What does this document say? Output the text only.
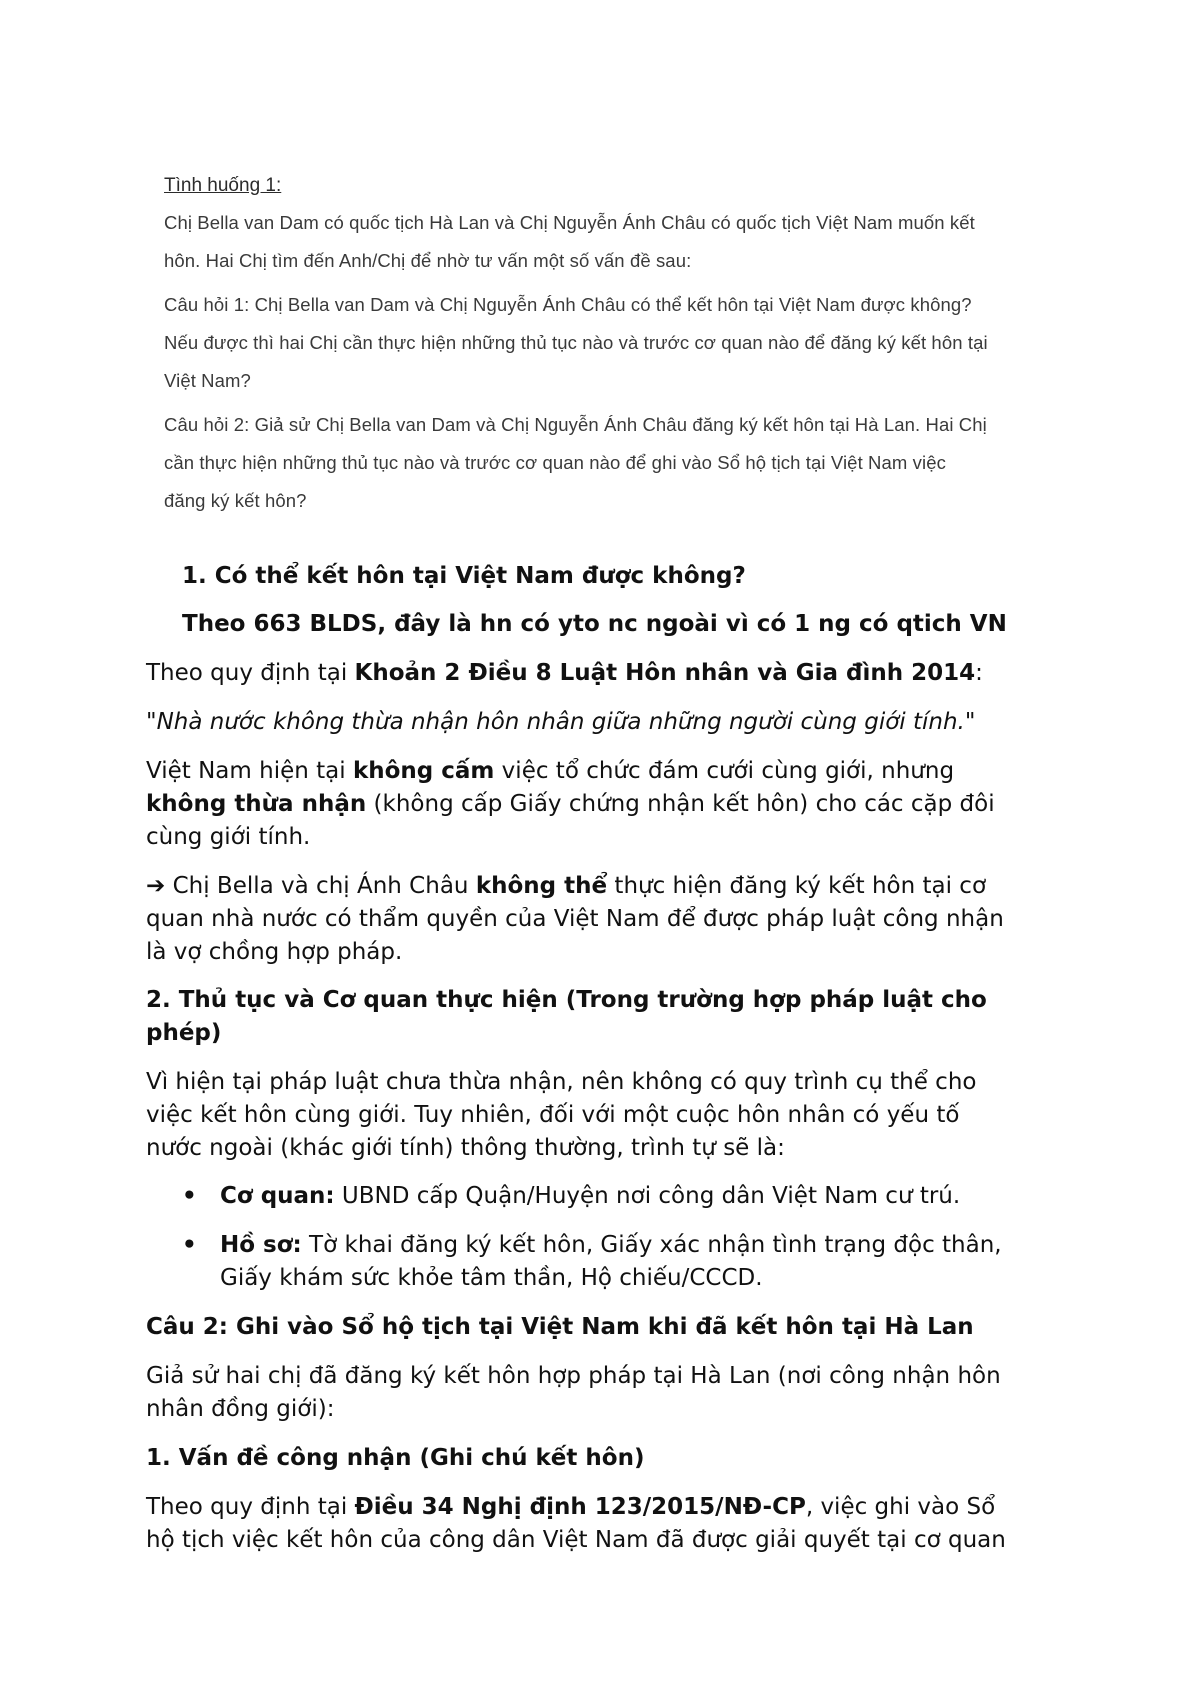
Tình huống 1:
Chị Bella van Dam có quốc tịch Hà Lan và Chị Nguyễn Ánh Châu có quốc tịch Việt Nam muốn kết
hôn. Hai Chị tìm đến Anh/Chị để nhờ tư vấn một số vấn đề sau:
Câu hỏi 1: Chị Bella van Dam và Chị Nguyễn Ánh Châu có thể kết hôn tại Việt Nam được không?
Nếu được thì hai Chị cần thực hiện những thủ tục nào và trước cơ quan nào để đăng ký kết hôn tại
Việt Nam?
Câu hỏi 2: Giả sử Chị Bella van Dam và Chị Nguyễn Ánh Châu đăng ký kết hôn tại Hà Lan. Hai Chị
cần thực hiện những thủ tục nào và trước cơ quan nào để ghi vào Sổ hộ tịch tại Việt Nam việc
đăng ký kết hôn?
1. Có thể kết hôn tại Việt Nam được không?
Theo 663 BLDS, đây là hn có yto nc ngoài vì có 1 ng có qtich VN
Theo quy định tại Khoản 2 Điều 8 Luật Hôn nhân và Gia đình 2014:
"Nhà nước không thừa nhận hôn nhân giữa những người cùng giới tính."
Việt Nam hiện tại không cấm việc tổ chức đám cưới cùng giới, nhưng
không thừa nhận (không cấp Giấy chứng nhận kết hôn) cho các cặp đôi
cùng giới tính.
➔ Chị Bella và chị Ánh Châu không thể thực hiện đăng ký kết hôn tại cơ
quan nhà nước có thẩm quyền của Việt Nam để được pháp luật công nhận
là vợ chồng hợp pháp.
2. Thủ tục và Cơ quan thực hiện (Trong trường hợp pháp luật cho
phép)
Vì hiện tại pháp luật chưa thừa nhận, nên không có quy trình cụ thể cho
việc kết hôn cùng giới. Tuy nhiên, đối với một cuộc hôn nhân có yếu tố
nước ngoài (khác giới tính) thông thường, trình tự sẽ là:
• Cơ quan: UBND cấp Quận/Huyện nơi công dân Việt Nam cư trú.
• Hồ sơ: Tờ khai đăng ký kết hôn, Giấy xác nhận tình trạng độc thân,
Giấy khám sức khỏe tâm thần, Hộ chiếu/CCCD.
Câu 2: Ghi vào Sổ hộ tịch tại Việt Nam khi đã kết hôn tại Hà Lan
Giả sử hai chị đã đăng ký kết hôn hợp pháp tại Hà Lan (nơi công nhận hôn
nhân đồng giới):
1. Vấn đề công nhận (Ghi chú kết hôn)
Theo quy định tại Điều 34 Nghị định 123/2015/NĐ-CP, việc ghi vào Sổ
hộ tịch việc kết hôn của công dân Việt Nam đã được giải quyết tại cơ quan
